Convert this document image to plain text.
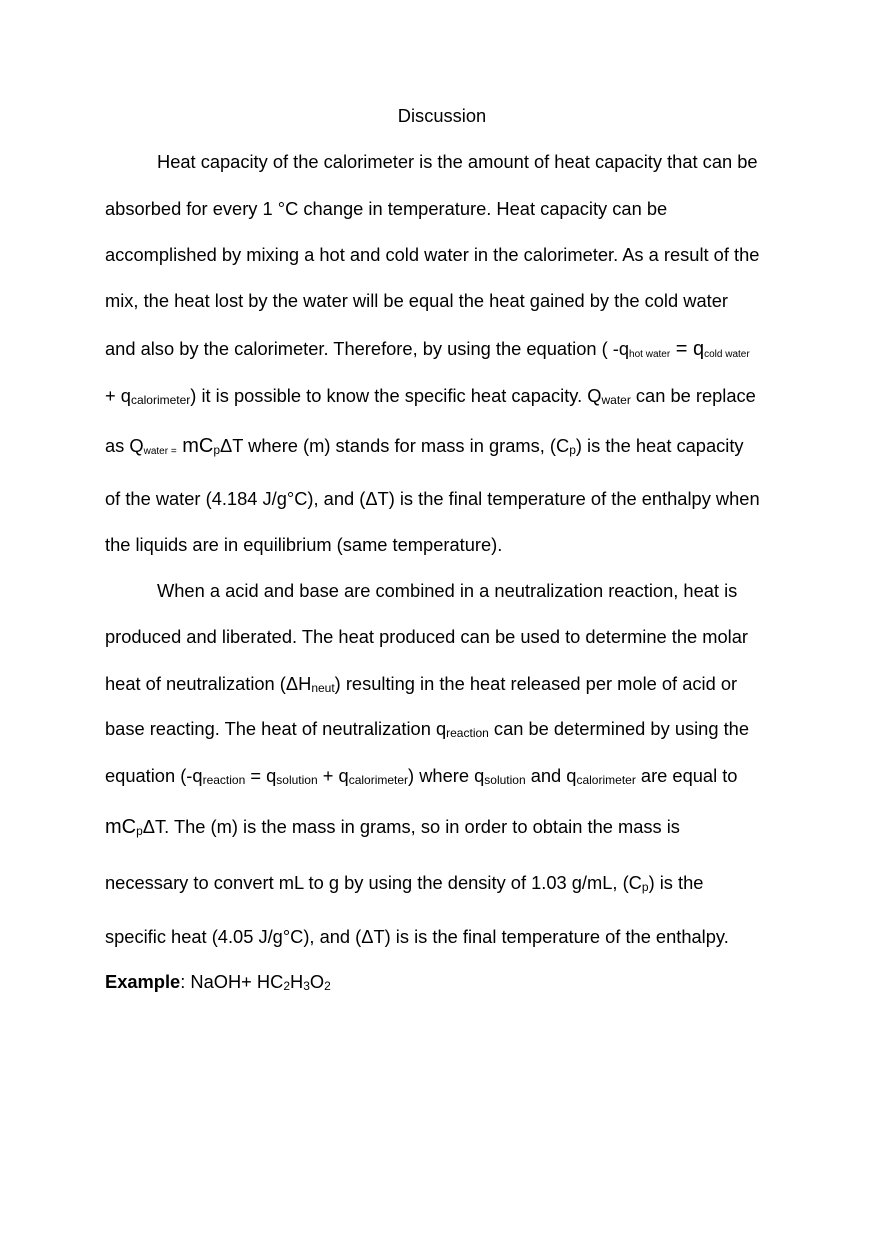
Discussion
Heat capacity of the calorimeter is the amount of heat capacity that can be
absorbed for every 1 °C change in temperature. Heat capacity can be
accomplished by mixing a hot and cold water in the calorimeter. As a result of the
mix, the heat lost by the water will be equal the heat gained by the cold water
and also by the calorimeter. Therefore, by using the equation ( $-q_{hot water} = q_{cold water}$
+ $q_{calorimeter}$) it is possible to know the specific heat capacity. $Q_{water}$ can be replace
as $Q_{water =}$ $mC_p\Delta T$ where (m) stands for mass in grams, $(C_p)$ is the heat capacity
of the water (4.184 J/g°C), and (ΔT) is the final temperature of the enthalpy when
the liquids are in equilibrium (same temperature).
When a acid and base are combined in a neutralization reaction, heat is
produced and liberated. The heat produced can be used to determine the molar
heat of neutralization $(\Delta H_{neut})$ resulting in the heat released per mole of acid or
base reacting. The heat of neutralization $q_{reaction}$ can be determined by using the
equation $(-q_{reaction} = q_{solution} + q_{calorimeter})$ where $q_{solution}$ and $q_{calorimeter}$ are equal to
$mC_p\Delta T$. The (m) is the mass in grams, so in order to obtain the mass is
necessary to convert mL to g by using the density of 1.03 g/mL, $(C_p)$ is the
specific heat (4.05 J/g°C), and (ΔT) is is the final temperature of the enthalpy.
Example: NaOH+ $HC_2H_3O_2$
